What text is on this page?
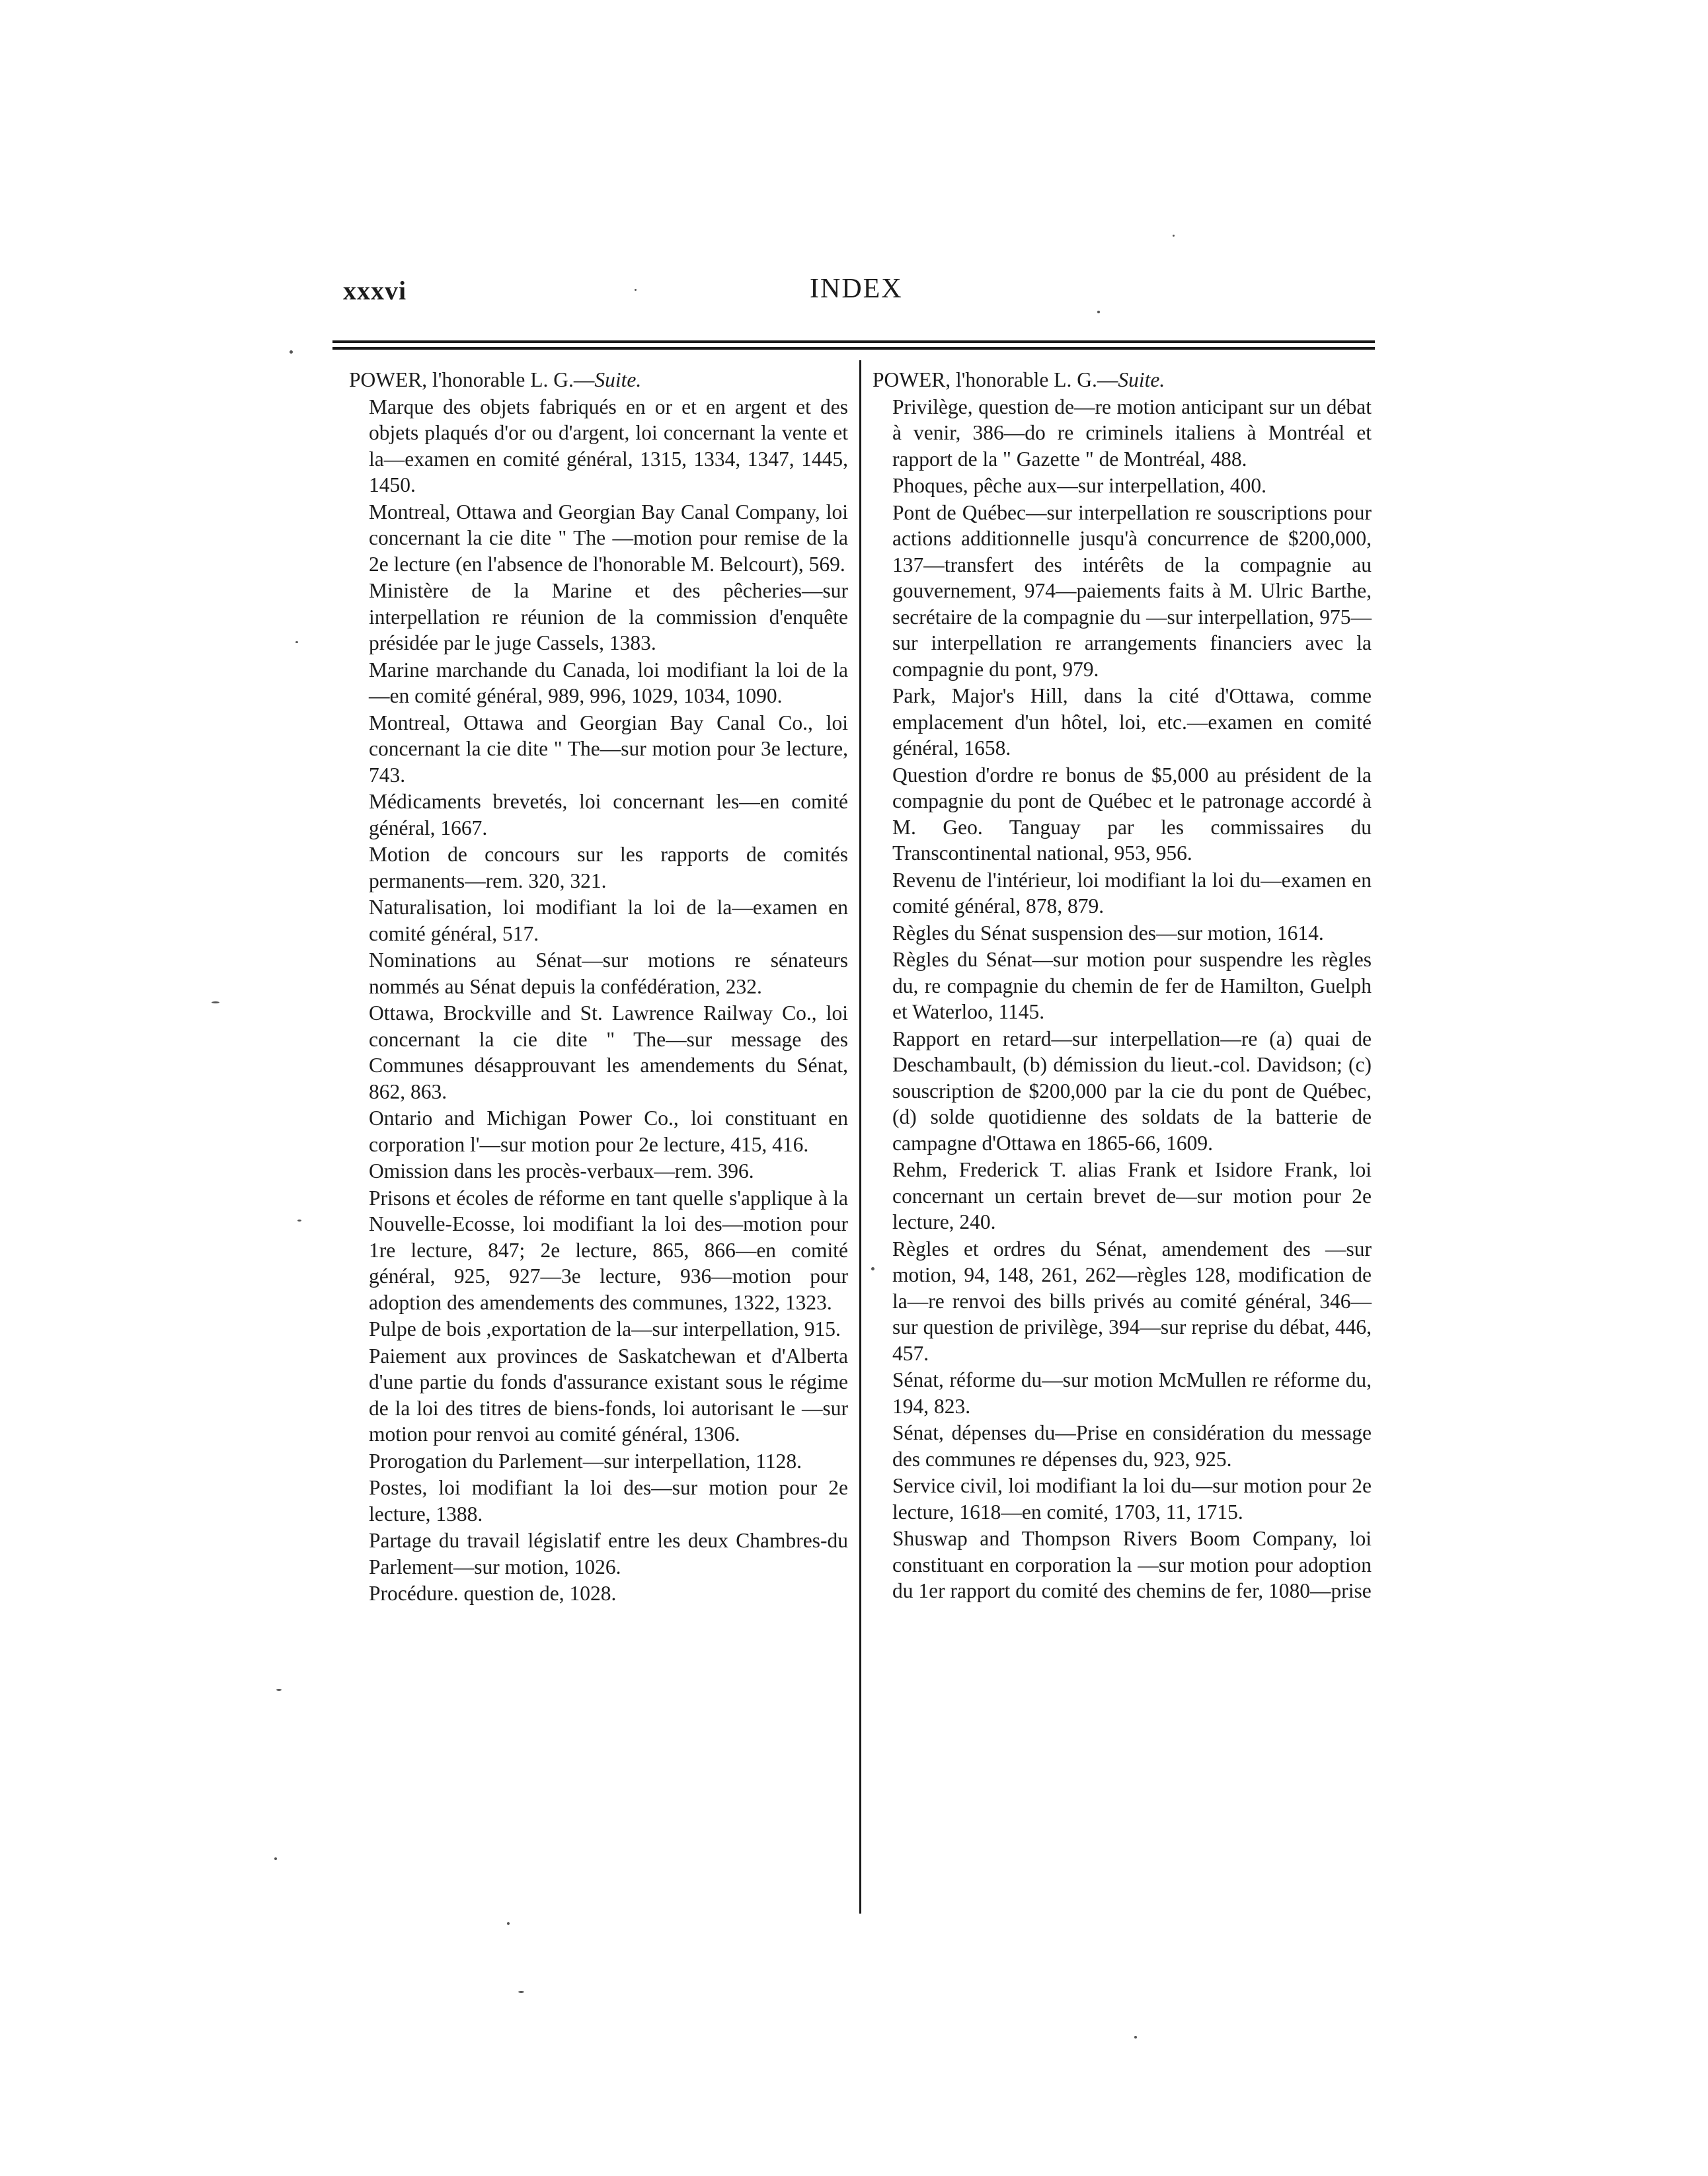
xxxvi	INDEX

POWER, l'honorable L. G.—Suite.

Marque des objets fabriqués en or et en argent et des objets plaqués d'or ou d'argent, loi concernant la vente et la—examen en comité général, 1315, 1334, 1347, 1445, 1450.

Montreal, Ottawa and Georgian Bay Canal Company, loi concernant la cie dite " The —motion pour remise de la 2e lecture (en l'absence de l'honorable M. Belcourt), 569.

Ministère de la Marine et des pêcheries—sur interpellation re réunion de la commission d'enquête présidée par le juge Cassels, 1383.

Marine marchande du Canada, loi modifiant la loi de la—en comité général, 989, 996, 1029, 1034, 1090.

Montreal, Ottawa and Georgian Bay Canal Co., loi concernant la cie dite " The—sur motion pour 3e lecture, 743.

Médicaments brevetés, loi concernant les—en comité général, 1667.

Motion de concours sur les rapports de comités permanents—rem. 320, 321.

Naturalisation, loi modifiant la loi de la—examen en comité général, 517.

Nominations au Sénat—sur motions re sénateurs nommés au Sénat depuis la confédération, 232.

Ottawa, Brockville and St. Lawrence Railway Co., loi concernant la cie dite " The—sur message des Communes désapprouvant les amendements du Sénat, 862, 863.

Ontario and Michigan Power Co., loi constituant en corporation l'—sur motion pour 2e lecture, 415, 416.

Omission dans les procès-verbaux—rem. 396.

Prisons et écoles de réforme en tant quelle s'applique à la Nouvelle-Ecosse, loi modifiant la loi des—motion pour 1re lecture, 847; 2e lecture, 865, 866—en comité général, 925, 927—3e lecture, 936—motion pour adoption des amendements des communes, 1322, 1323.

Pulpe de bois ,exportation de la—sur interpellation, 915.

Paiement aux provinces de Saskatchewan et d'Alberta d'une partie du fonds d'assurance existant sous le régime de la loi des titres de biens-fonds, loi autorisant le —sur motion pour renvoi au comité général, 1306.

Prorogation du Parlement—sur interpellation, 1128.

Postes, loi modifiant la loi des—sur motion pour 2e lecture, 1388.

Partage du travail législatif entre les deux Chambres-du Parlement—sur motion, 1026.

Procédure. question de, 1028.

POWER, l'honorable L. G.—Suite.

Privilège, question de—re motion anticipant sur un débat à venir, 386—do re criminels italiens à Montréal et rapport de la " Gazette " de Montréal, 488.

Phoques, pêche aux—sur interpellation, 400.

Pont de Québec—sur interpellation re souscriptions pour actions additionnelle jusqu'à concurrence de $200,000, 137—transfert des intérêts de la compagnie au gouvernement, 974—paiements faits à M. Ulric Barthe, secrétaire de la compagnie du —sur interpellation, 975—sur interpellation re arrangements financiers avec la compagnie du pont, 979.

Park, Major's Hill, dans la cité d'Ottawa, comme emplacement d'un hôtel, loi, etc.—examen en comité général, 1658.

Question d'ordre re bonus de $5,000 au président de la compagnie du pont de Québec et le patronage accordé à M. Geo. Tanguay par les commissaires du Transcontinental national, 953, 956.

Revenu de l'intérieur, loi modifiant la loi du—examen en comité général, 878, 879.

Règles du Sénat suspension des—sur motion, 1614.

Règles du Sénat—sur motion pour suspendre les règles du, re compagnie du chemin de fer de Hamilton, Guelph et Waterloo, 1145.

Rapport en retard—sur interpellation—re (a) quai de Deschambault, (b) démission du lieut.-col. Davidson; (c) souscription de $200,000 par la cie du pont de Québec, (d) solde quotidienne des soldats de la batterie de campagne d'Ottawa en 1865-66, 1609.

Rehm, Frederick T. alias Frank et Isidore Frank, loi concernant un certain brevet de—sur motion pour 2e lecture, 240.

Règles et ordres du Sénat, amendement des —sur motion, 94, 148, 261, 262—règles 128, modification de la—re renvoi des bills privés au comité général, 346—sur question de privilège, 394—sur reprise du débat, 446, 457.

Sénat, réforme du—sur motion McMullen re réforme du, 194, 823.

Sénat, dépenses du—Prise en considération du message des communes re dépenses du, 923, 925.

Service civil, loi modifiant la loi du—sur motion pour 2e lecture, 1618—en comité, 1703, 11, 1715.

Shuswap and Thompson Rivers Boom Company, loi constituant en corporation la —sur motion pour adoption du 1er rapport du comité des chemins de fer, 1080—prise
